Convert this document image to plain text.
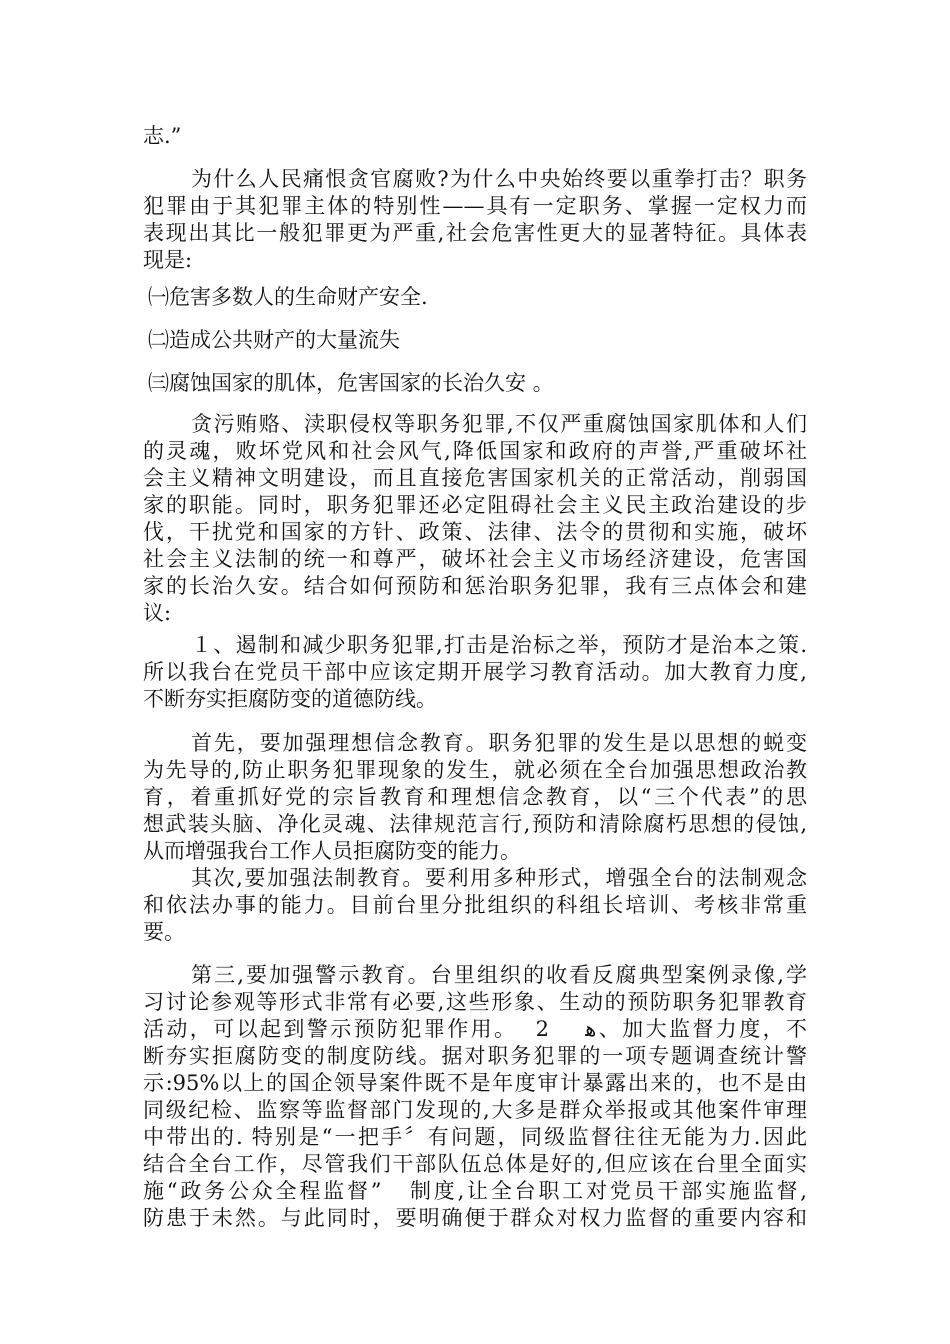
志.”
为什么人民痛恨贪官腐败?为什么中央始终要以重拳打击？职务
犯罪由于其犯罪主体的特别性——具有一定职务、掌握一定权力而
表现出其比一般犯罪更为严重,社会危害性更大的显著特征。具体表
现是:
㈠危害多数人的生命财产安全.
㈡造成公共财产的大量流失
㈢腐蚀国家的肌体，危害国家的长治久安 。
贪污贿赂、渎职侵权等职务犯罪,不仅严重腐蚀国家肌体和人们
的灵魂，败坏党风和社会风气,降低国家和政府的声誉,严重破坏社
会主义精神文明建设，而且直接危害国家机关的正常活动，削弱国
家的职能。同时，职务犯罪还必定阻碍社会主义民主政治建设的步
伐，干扰党和国家的方针、政策、法律、法令的贯彻和实施，破坏
社会主义法制的统一和尊严，破坏社会主义市场经济建设，危害国
家的长治久安。结合如何预防和惩治职务犯罪，我有三点体会和建
议:
１、遏制和减少职务犯罪,打击是治标之举，预防才是治本之策.
所以我台在党员干部中应该定期开展学习教育活动。加大教育力度,
不断夯实拒腐防变的道德防线。
首先，要加强理想信念教育。职务犯罪的发生是以思想的蜕变
为先导的,防止职务犯罪现象的发生，就必须在全台加强思想政治教
育，着重抓好党的宗旨教育和理想信念教育，以“三个代表”的思
想武装头脑、净化灵魂、法律规范言行,预防和清除腐朽思想的侵蚀,
从而增强我台工作人员拒腐防变的能力。
其次,要加强法制教育。要利用多种形式，增强全台的法制观念
和依法办事的能力。目前台里分批组织的科组长培训、考核非常重
要。
第三,要加强警示教育。台里组织的收看反腐典型案例录像,学
习讨论参观等形式非常有必要,这些形象、生动的预防职务犯罪教育
活动，可以起到警示预防犯罪作用。  2    ﻫ、加大监督力度，不
断夯实拒腐防变的制度防线。据对职务犯罪的一项专题调查统计警
示:95%以上的国企领导案件既不是年度审计暴露出来的，也不是由
同级纪检、监察等监督部门发现的,大多是群众举报或其他案件审理
中带出的. 特别是“一把手〞有问题，同级监督往往无能为力.因此
结合全台工作，尽管我们干部队伍总体是好的,但应该在台里全面实
施“政务公众全程监督”   制度,让全台职工对党员干部实施监督,
防患于未然。与此同时，要明确便于群众对权力监督的重要内容和
